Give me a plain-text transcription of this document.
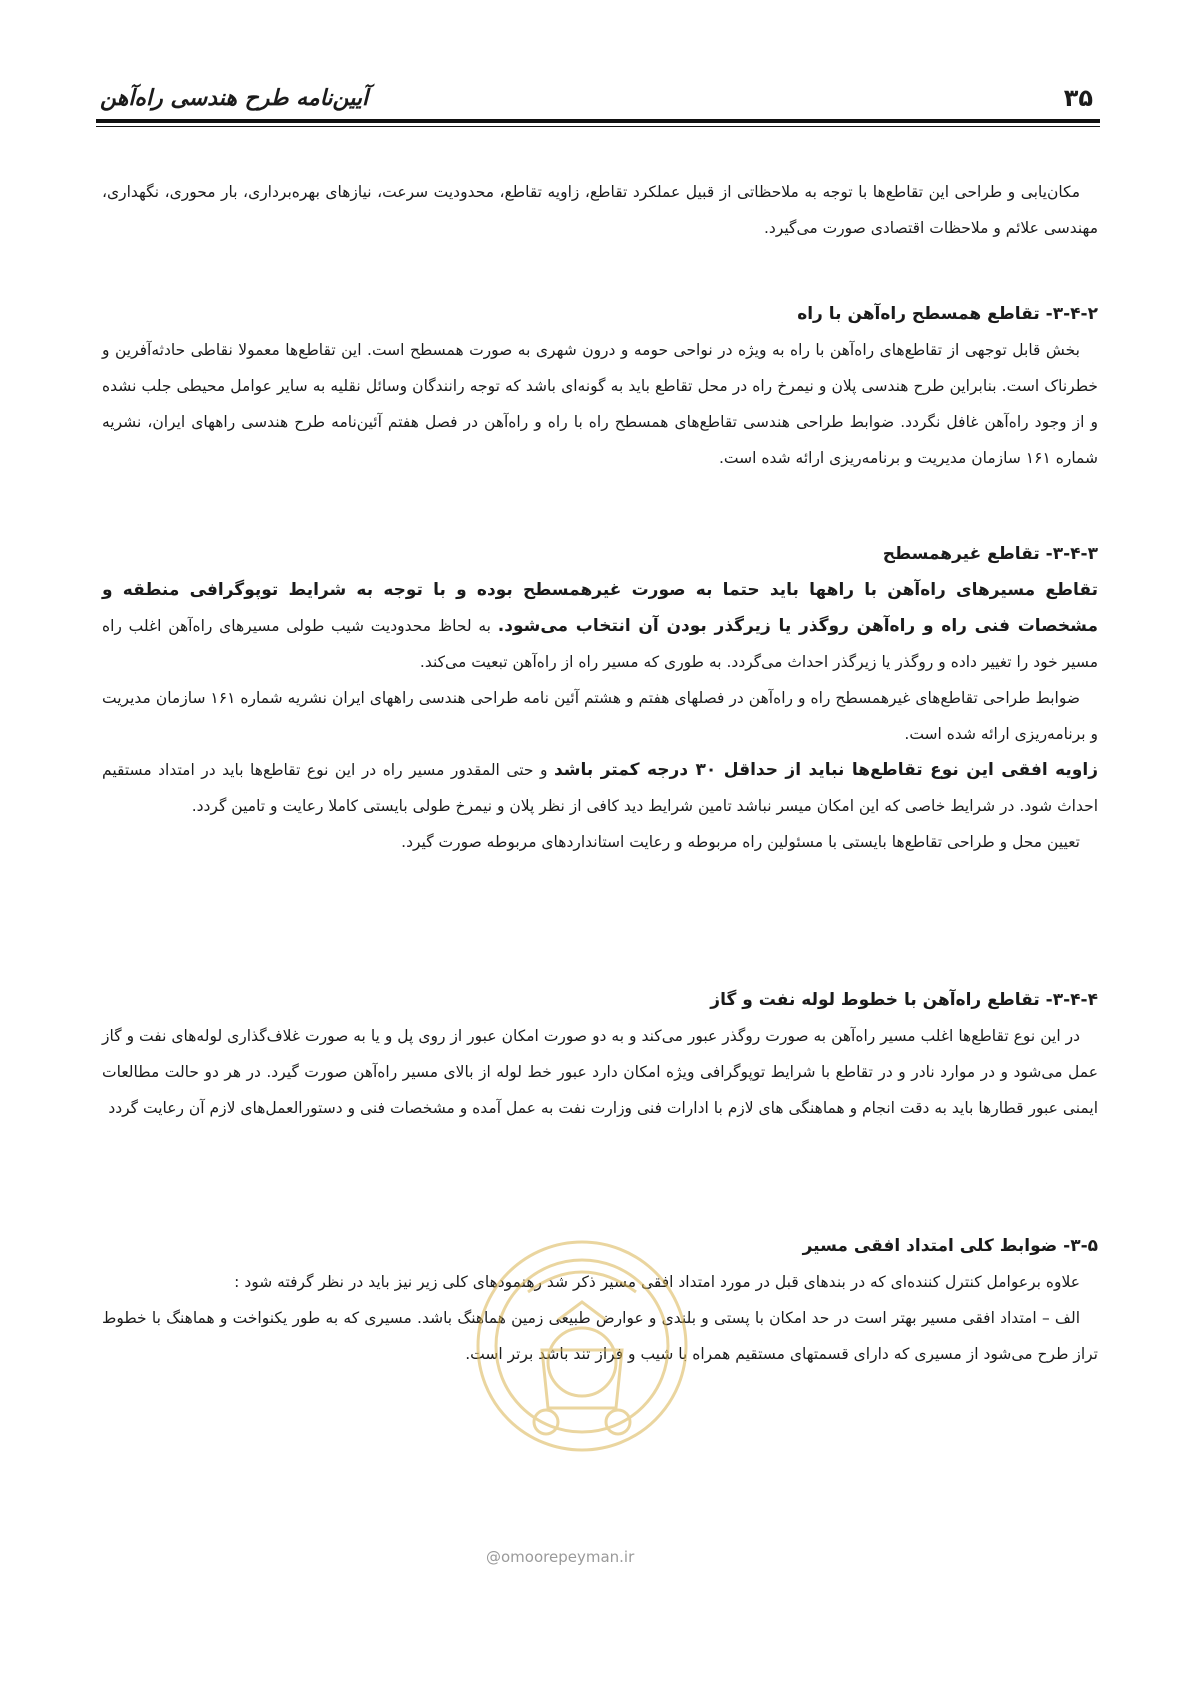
آیین‌نامه طرح هندسی راه‌آهن	۳۵

مکان‌یابی و طراحی این تقاطع‌ها با توجه به ملاحظاتی از قبیل عملکرد تقاطع، زاویه تقاطع، محدودیت سرعت، نیازهای بهره‌برداری، بار محوری، نگهداری، مهندسی علائم و ملاحظات اقتصادی صورت می‌گیرد.

۳-۴-۲- تقاطع همسطح راه‌آهن با راه

بخش قابل توجهی از تقاطع‌های راه‌آهن با راه به ویژه در نواحی حومه و درون شهری به صورت همسطح است. این تقاطع‌ها معمولا نقاطی حادثه‌آفرین و خطرناک است. بنابراین طرح هندسی پلان و نیمرخ راه در محل تقاطع باید به گونه‌ای باشد که توجه رانندگان وسائل نقلیه به سایر عوامل محیطی جلب نشده و از وجود راه‌آهن غافل نگردد. ضوابط طراحی هندسی تقاطع‌های همسطح راه با راه و راه‌آهن در فصل هفتم آئین‌نامه طرح هندسی راههای ایران، نشریه شماره ۱۶۱ سازمان مدیریت و برنامه‌ریزی ارائه شده است.

۳-۴-۳- تقاطع غیرهمسطح

تقاطع مسیرهای راه‌آهن با راهها باید حتما به صورت غیرهمسطح بوده و با توجه به شرایط توپوگرافی منطقه و مشخصات فنی راه و راه‌آهن روگذر یا زیرگذر بودن آن انتخاب می‌شود. به لحاظ محدودیت شیب طولی مسیرهای راه‌آهن اغلب راه مسیر خود را تغییر داده و روگذر یا زیرگذر احداث می‌گردد. به طوری که مسیر راه از راه‌آهن تبعیت می‌کند.

ضوابط طراحی تقاطع‌های غیرهمسطح راه و راه‌آهن در فصلهای هفتم و هشتم آئین نامه طراحی هندسی راههای ایران نشریه شماره ۱۶۱ سازمان مدیریت و برنامه‌ریزی ارائه شده است.

زاویه افقی این نوع تقاطع‌ها نباید از حداقل ۳۰ درجه کمتر باشد و حتی المقدور مسیر راه در این نوع تقاطع‌ها باید در امتداد مستقیم احداث شود. در شرایط خاصی که این امکان میسر نباشد تامین شرایط دید کافی از نظر پلان و نیمرخ طولی بایستی کاملا رعایت و تامین گردد.

تعیین محل و طراحی تقاطع‌ها بایستی با مسئولین راه مربوطه و رعایت استانداردهای مربوطه صورت گیرد.

۳-۴-۴- تقاطع راه‌آهن با خطوط لوله نفت و گاز

در این نوع تقاطع‌ها اغلب مسیر راه‌آهن به صورت روگذر عبور می‌کند و به دو صورت امکان عبور از روی پل و یا به صورت غلاف‌گذاری لوله‌های نفت و گاز عمل می‌شود و در موارد نادر و در تقاطع با شرایط توپوگرافی ویژه امکان دارد عبور خط لوله از بالای مسیر راه‌آهن صورت گیرد. در هر دو حالت مطالعات ایمنی عبور قطارها باید به دقت انجام و هماهنگی های لازم با ادارات فنی وزارت نفت به عمل آمده و مشخصات فنی و دستورالعمل‌های لازم آن رعایت گردد

۳-۵- ضوابط کلی امتداد افقی مسیر

علاوه برعوامل کنترل کننده‌ای که در بندهای قبل در مورد امتداد افقی مسیر ذکر شد رهنمودهای کلی زیر نیز باید در نظر گرفته شود :

الف – امتداد افقی مسیر بهتر است در حد امکان با پستی و بلندی و عوارض طبیعی زمین هماهنگ باشد. مسیری که به طور یکنواخت و هماهنگ با خطوط تراز طرح می‌شود از مسیری که دارای قسمتهای مستقیم همراه با شیب و فراز تند باشد برتر است.

@omoorepeyman.ir
